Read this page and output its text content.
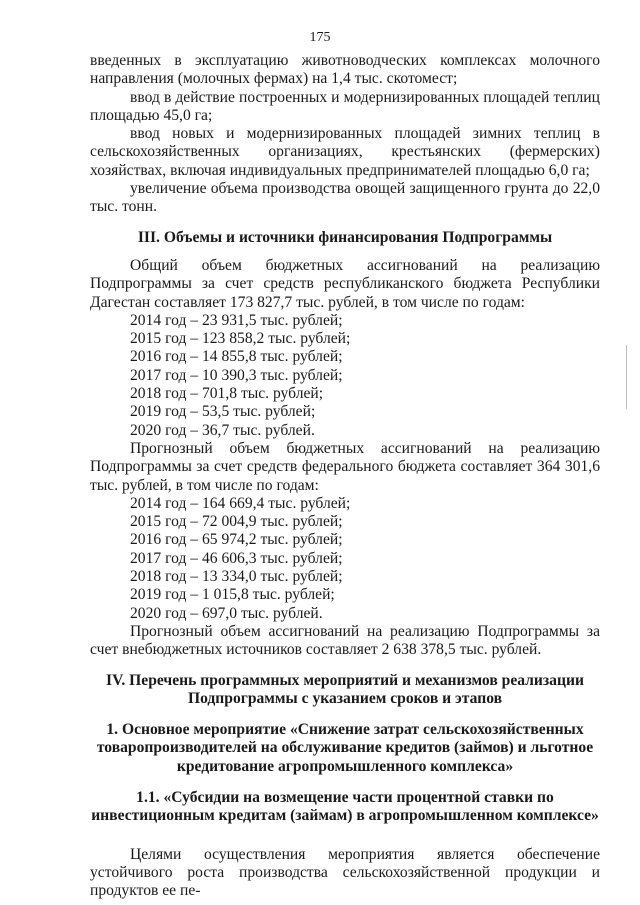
175

введенных в эксплуатацию животноводческих комплексах молочного направления (молочных фермах) на 1,4 тыс. скотомест;

ввод в действие построенных и модернизированных площадей теплиц площадью 45,0 га;

ввод новых и модернизированных площадей зимних теплиц в сельскохозяйственных организациях, крестьянских (фермерских) хозяйствах, включая индивидуальных предпринимателей площадью 6,0 га;

увеличение объема производства овощей защищенного грунта до 22,0 тыс. тонн.

III. Объемы и источники финансирования Подпрограммы

Общий объем бюджетных ассигнований на реализацию Подпрограммы за счет средств республиканского бюджета Республики Дагестан составляет 173 827,7 тыс. рублей, в том числе по годам:

2014 год – 23 931,5 тыс. рублей;

2015 год – 123 858,2 тыс. рублей;

2016 год – 14 855,8 тыс. рублей;

2017 год – 10 390,3 тыс. рублей;

2018 год – 701,8 тыс. рублей;

2019 год – 53,5 тыс. рублей;

2020 год – 36,7 тыс. рублей.

Прогнозный объем бюджетных ассигнований на реализацию Подпрограммы за счет средств федерального бюджета составляет 364 301,6 тыс. рублей, в том числе по годам:

2014 год – 164 669,4 тыс. рублей;

2015 год – 72 004,9 тыс. рублей;

2016 год – 65 974,2 тыс. рублей;

2017 год – 46 606,3 тыс. рублей;

2018 год – 13 334,0 тыс. рублей;

2019 год – 1 015,8 тыс. рублей;

2020 год – 697,0 тыс. рублей.

Прогнозный объем ассигнований на реализацию Подпрограммы за счет внебюджетных источников составляет 2 638 378,5 тыс. рублей.

IV. Перечень программных мероприятий и механизмов реализации
Подпрограммы с указанием сроков и этапов

1. Основное мероприятие «Снижение затрат сельскохозяйственных
товаропроизводителей на обслуживание кредитов (займов) и льготное
кредитование агропромышленного комплекса»

1.1. «Субсидии на возмещение части процентной ставки по
инвестиционным кредитам (займам) в агропромышленном комплексе»

Целями осуществления мероприятия является обеспечение устойчивого роста производства сельскохозяйственной продукции и продуктов ее пе-
